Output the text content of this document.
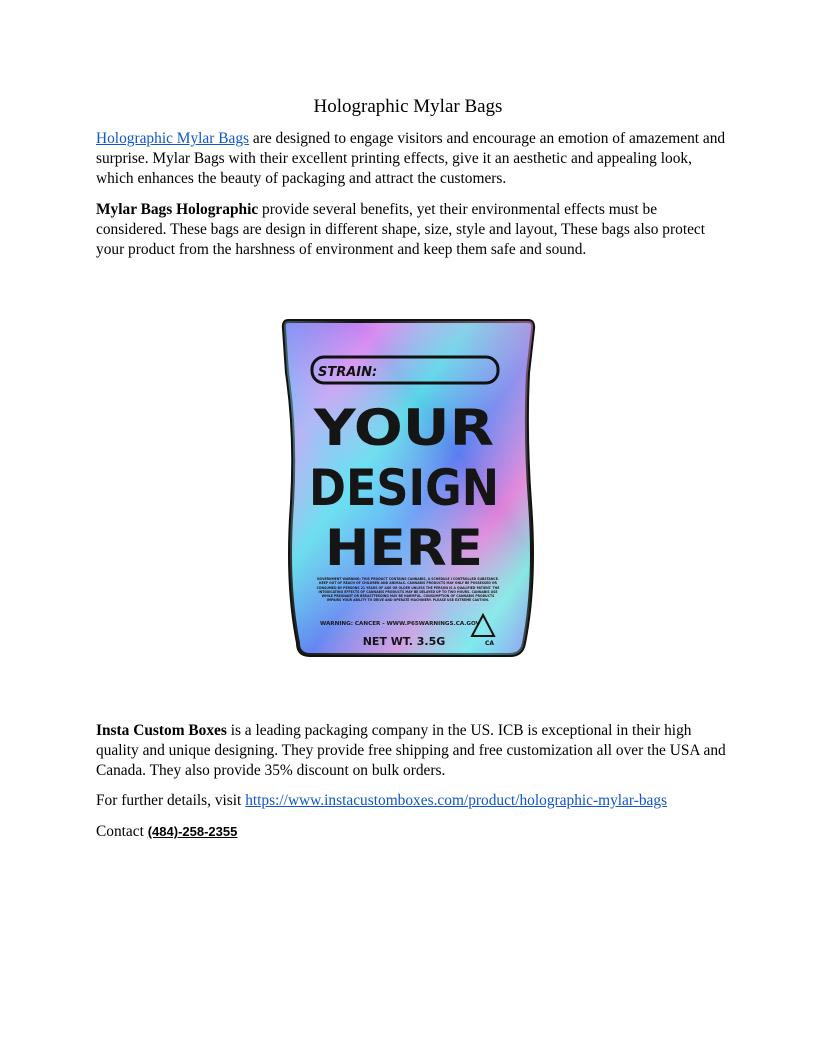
Holographic Mylar Bags

Holographic Mylar Bags are designed to engage visitors and encourage an emotion of amazement and surprise. Mylar Bags with their excellent printing effects, give it an aesthetic and appealing look, which enhances the beauty of packaging and attract the customers.

Mylar Bags Holographic provide several benefits, yet their environmental effects must be considered. These bags are design in different shape, size, style and layout, These bags also protect your product from the harshness of environment and keep them safe and sound.

STRAIN:
YOUR
DESIGN
HERE
GOVERNMENT WARNING: THIS PRODUCT CONTAINS CANNABIS, A SCHEDULE I CONTROLLED SUBSTANCE. KEEP OUT OF REACH OF CHILDREN AND ANIMALS. CANNABIS PRODUCTS MAY ONLY BE POSSESSED OR CONSUMED BY PERSONS 21 YEARS OF AGE OR OLDER UNLESS THE PERSON IS A QUALIFIED PATIENT. THE INTOXICATING EFFECTS OF CANNABIS PRODUCTS MAY BE DELAYED UP TO TWO HOURS. CANNABIS USE WHILE PREGNANT OR BREASTFEEDING MAY BE HARMFUL. CONSUMPTION OF CANNABIS PRODUCTS IMPAIRS YOUR ABILITY TO DRIVE AND OPERATE MACHINERY. PLEASE USE EXTREME CAUTION.
WARNING: CANCER - WWW.P65WARNINGS.CA.GOV
NET WT. 3.5G	CA

Insta Custom Boxes is a leading packaging company in the US. ICB is exceptional in their high quality and unique designing. They provide free shipping and free customization all over the USA and Canada. They also provide 35% discount on bulk orders.

For further details, visit https://www.instacustomboxes.com/product/holographic-mylar-bags

Contact (484)-258-2355
